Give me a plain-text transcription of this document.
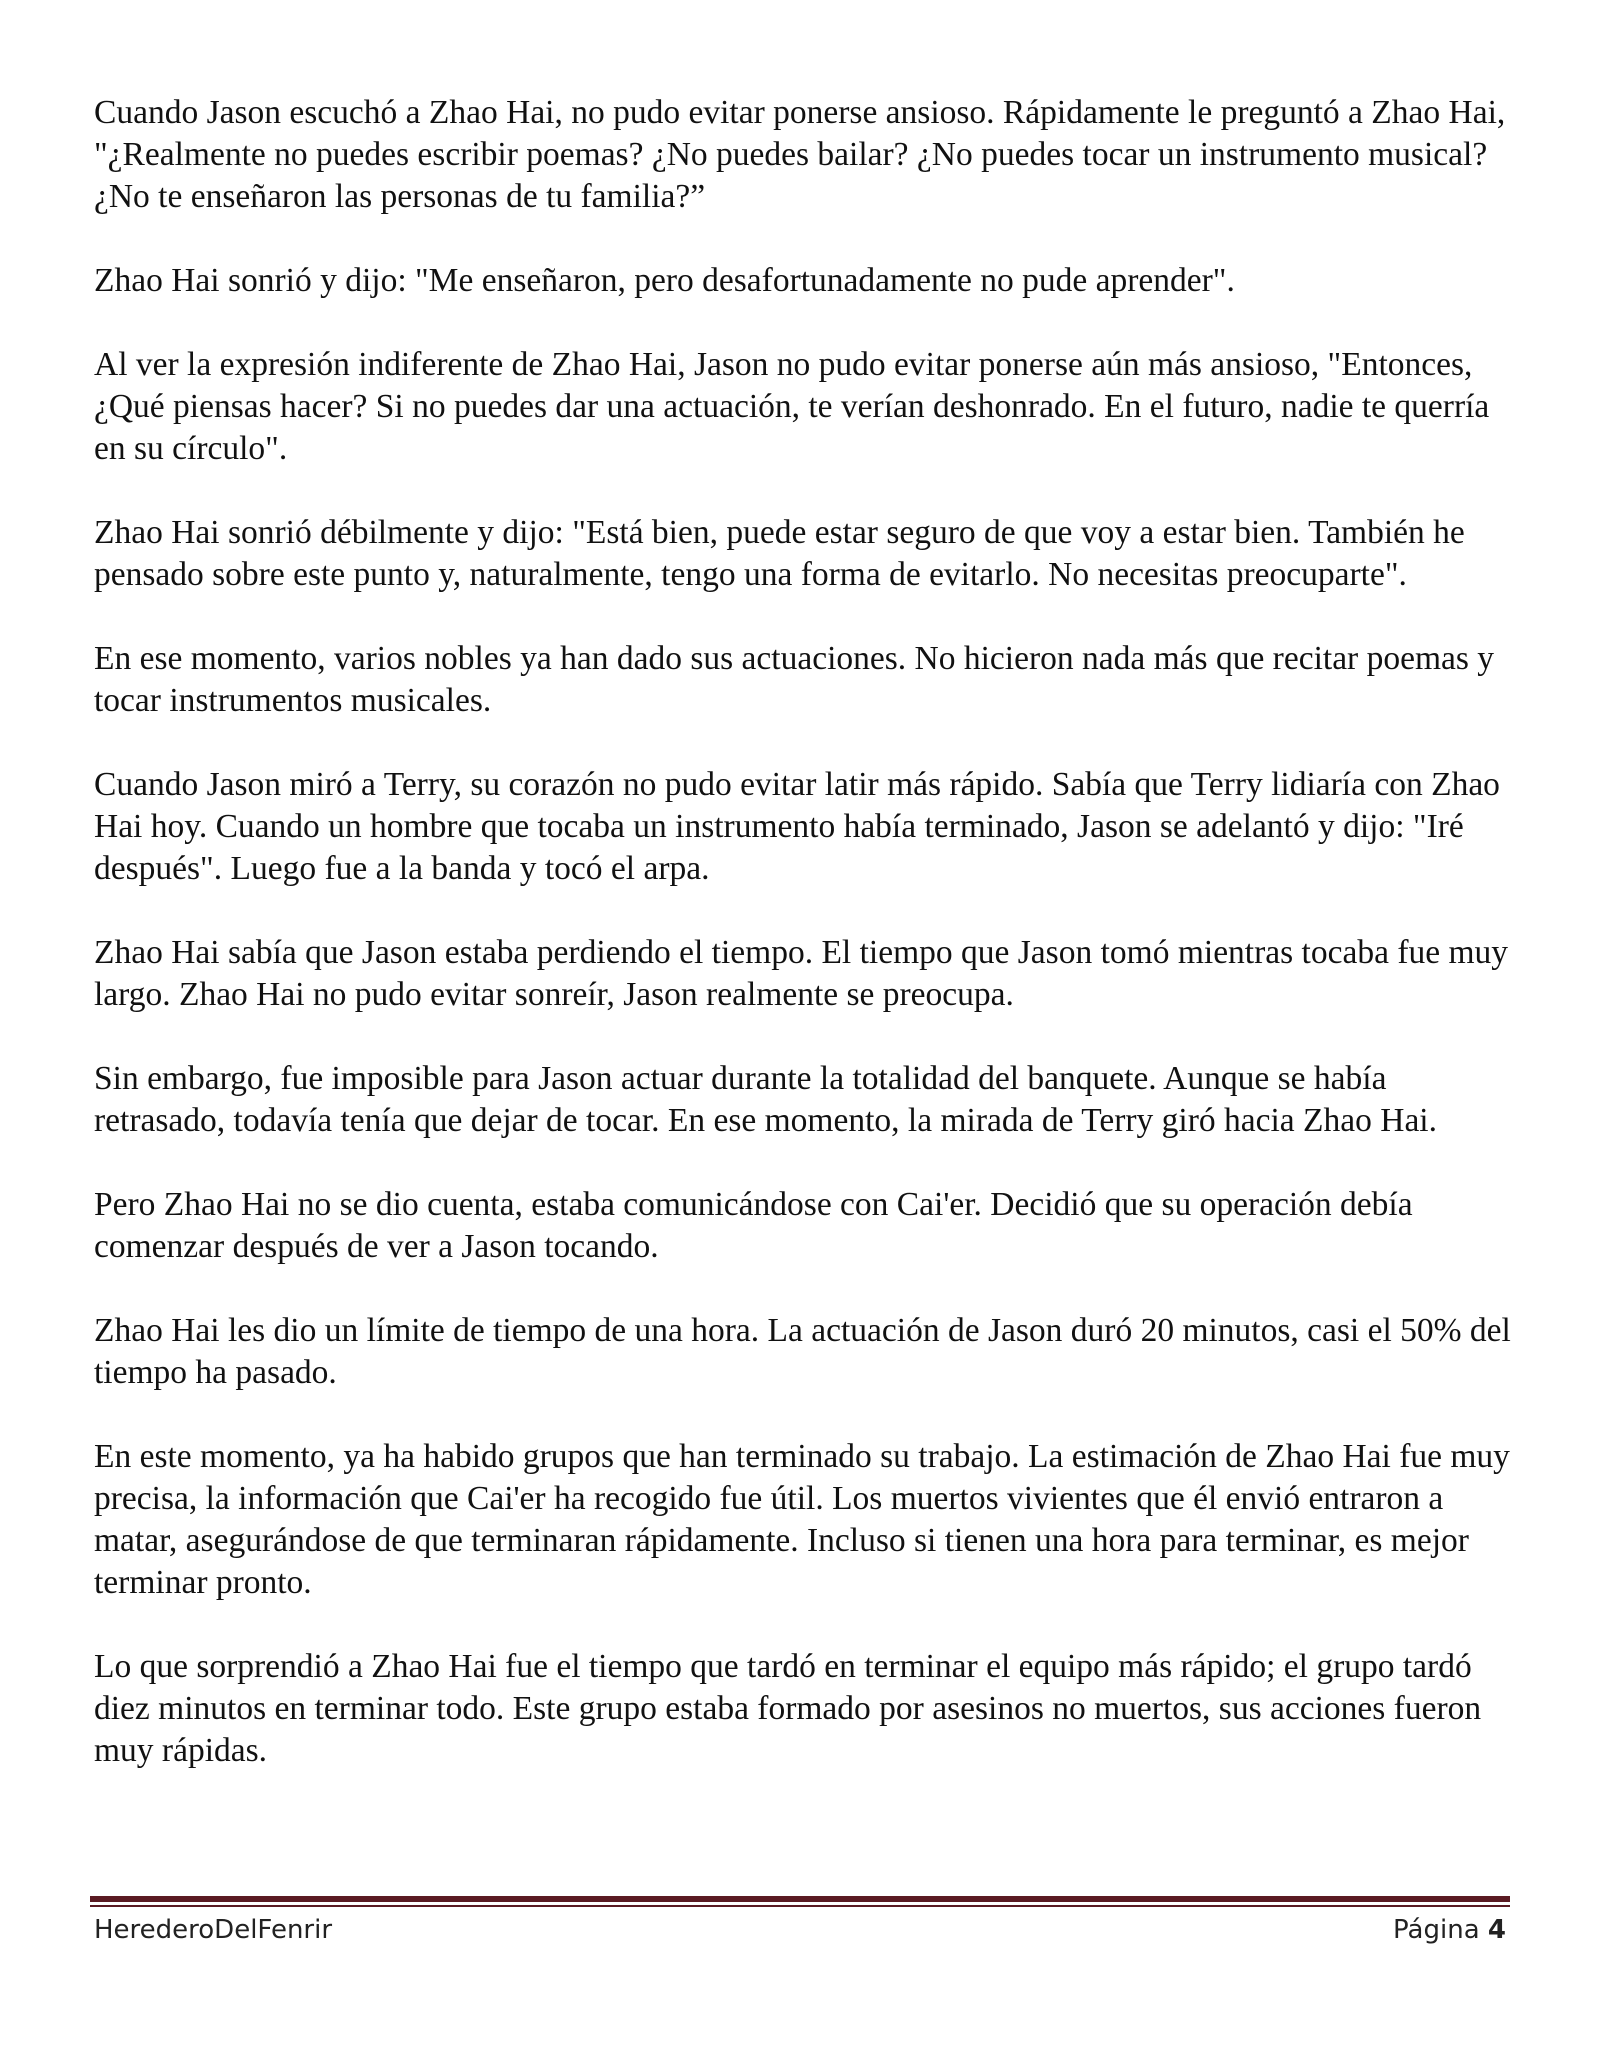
Cuando Jason escuchó a Zhao Hai, no pudo evitar ponerse ansioso. Rápidamente le preguntó a Zhao Hai, "¿Realmente no puedes escribir poemas? ¿No puedes bailar? ¿No puedes tocar un instrumento musical? ¿No te enseñaron las personas de tu familia?”

Zhao Hai sonrió y dijo: "Me enseñaron, pero desafortunadamente no pude aprender".

Al ver la expresión indiferente de Zhao Hai, Jason no pudo evitar ponerse aún más ansioso, "Entonces, ¿Qué piensas hacer? Si no puedes dar una actuación, te verían deshonrado. En el futuro, nadie te querría en su círculo".

Zhao Hai sonrió débilmente y dijo: "Está bien, puede estar seguro de que voy a estar bien. También he pensado sobre este punto y, naturalmente, tengo una forma de evitarlo. No necesitas preocuparte".

En ese momento, varios nobles ya han dado sus actuaciones. No hicieron nada más que recitar poemas y tocar instrumentos musicales.

Cuando Jason miró a Terry, su corazón no pudo evitar latir más rápido. Sabía que Terry lidiaría con Zhao Hai hoy. Cuando un hombre que tocaba un instrumento había terminado, Jason se adelantó y dijo: "Iré después". Luego fue a la banda y tocó el arpa.

Zhao Hai sabía que Jason estaba perdiendo el tiempo. El tiempo que Jason tomó mientras tocaba fue muy largo. Zhao Hai no pudo evitar sonreír, Jason realmente se preocupa.

Sin embargo, fue imposible para Jason actuar durante la totalidad del banquete. Aunque se había retrasado, todavía tenía que dejar de tocar. En ese momento, la mirada de Terry giró hacia Zhao Hai.

Pero Zhao Hai no se dio cuenta, estaba comunicándose con Cai'er. Decidió que su operación debía comenzar después de ver a Jason tocando.

Zhao Hai les dio un límite de tiempo de una hora. La actuación de Jason duró 20 minutos, casi el 50% del tiempo ha pasado.

En este momento, ya ha habido grupos que han terminado su trabajo. La estimación de Zhao Hai fue muy precisa, la información que Cai'er ha recogido fue útil. Los muertos vivientes que él envió entraron a matar, asegurándose de que terminaran rápidamente. Incluso si tienen una hora para terminar, es mejor terminar pronto.

Lo que sorprendió a Zhao Hai fue el tiempo que tardó en terminar el equipo más rápido; el grupo tardó diez minutos en terminar todo. Este grupo estaba formado por asesinos no muertos, sus acciones fueron muy rápidas.

HerederoDelFenrir	Página 4
